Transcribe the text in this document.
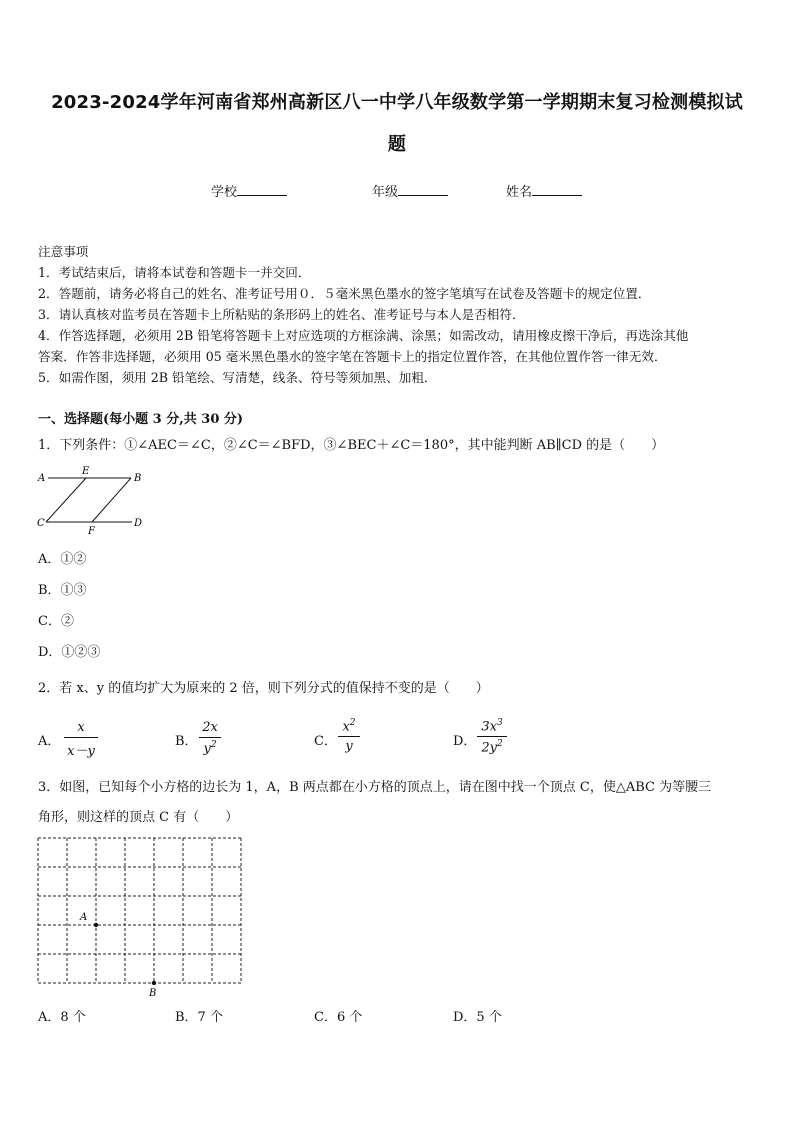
2023-2024学年河南省郑州高新区八一中学八年级数学第一学期期末复习检测模拟试
题
学校	年级	姓名
注意事项
1．考试结束后，请将本试卷和答题卡一并交回．
2．答题前，请务必将自己的姓名、准考证号用０．５毫米黑色墨水的签字笔填写在试卷及答题卡的规定位置．
3．请认真核对监考员在答题卡上所粘贴的条形码上的姓名、准考证号与本人是否相符．
4．作答选择题，必须用 2B 铅笔将答题卡上对应选项的方框涂满、涂黑；如需改动，请用橡皮擦干净后，再选涂其他
答案．作答非选择题，必须用 05 毫米黑色墨水的签字笔在答题卡上的指定位置作答，在其他位置作答一律无效．
5．如需作图，须用 2B 铅笔绘、写清楚，线条、符号等须加黑、加粗．
一、选择题(每小题 3 分,共 30 分)
1．下列条件：①∠AEC＝∠C，②∠C＝∠BFD，③∠BEC＋∠C＝180°，其中能判断 AB∥CD 的是（　　）
A
E
B
C
F
D
A．①②
B．①③
C．②
D．①②③
2．若 x、y 的值均扩大为原来的 2 倍，则下列分式的值保持不变的是（　　）
A．
x
x－y
B．
2x
$y^2$	C．
$x^2$
y	D．
$3x^3$
$2y^2$
3．如图，已知每个小方格的边长为 1，A，B 两点都在小方格的顶点上，请在图中找一个顶点 C，使△ABC 为等腰三
角形，则这样的顶点 C 有（　　）
A
B
A．8 个	B．7 个	C．6 个	D．5 个
